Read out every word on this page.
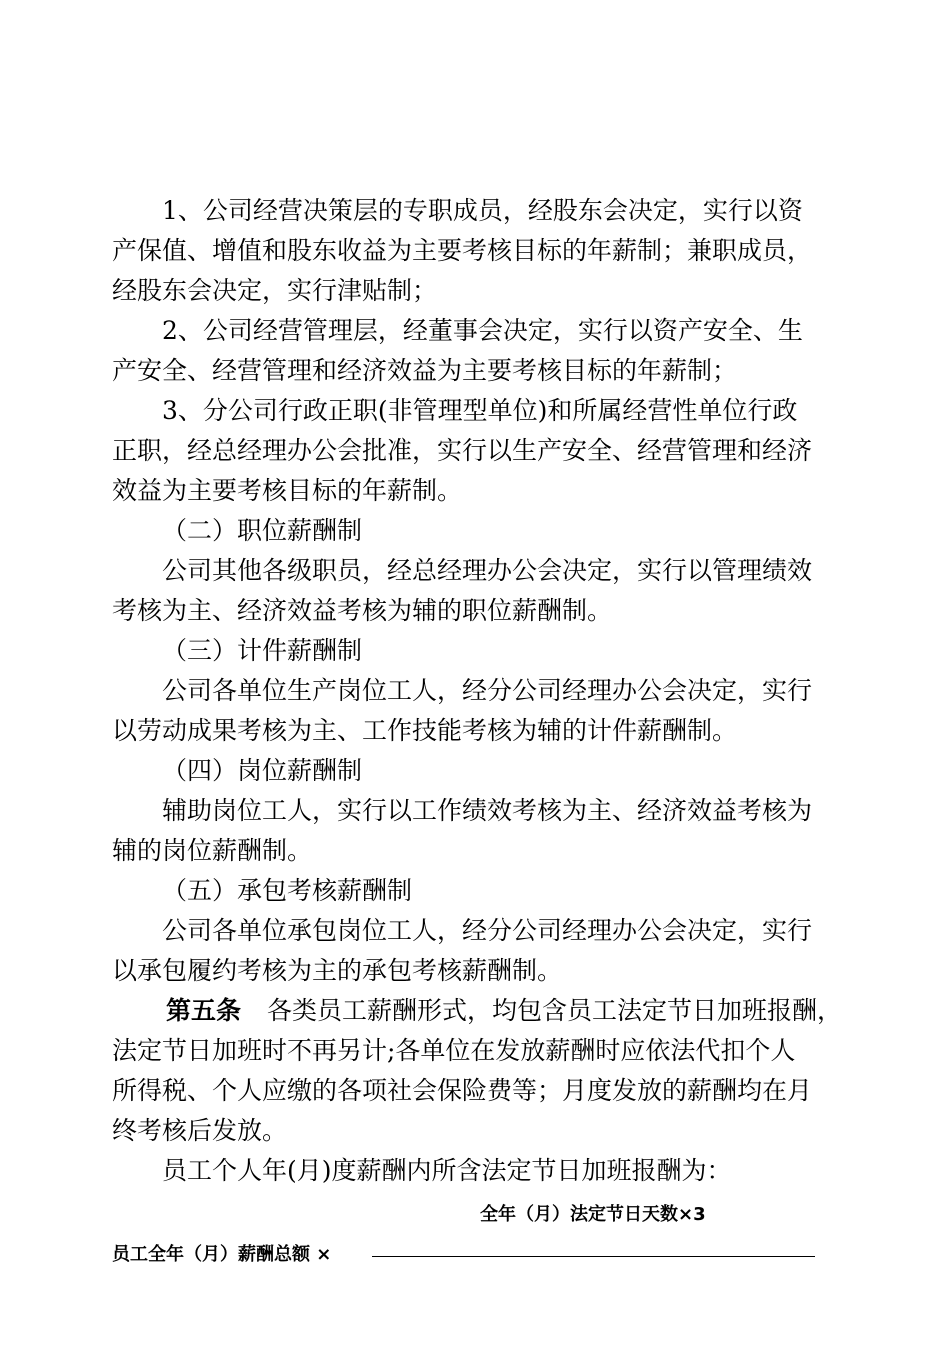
1、公司经营决策层的专职成员，经股东会决定，实行以资
产保值、增值和股东收益为主要考核目标的年薪制；兼职成员，
经股东会决定，实行津贴制；
2、公司经营管理层，经董事会决定，实行以资产安全、生
产安全、经营管理和经济效益为主要考核目标的年薪制；
3、分公司行政正职(非管理型单位)和所属经营性单位行政
正职，经总经理办公会批准，实行以生产安全、经营管理和经济
效益为主要考核目标的年薪制。
（二）职位薪酬制
公司其他各级职员，经总经理办公会决定，实行以管理绩效
考核为主、经济效益考核为辅的职位薪酬制。
（三）计件薪酬制
公司各单位生产岗位工人，经分公司经理办公会决定，实行
以劳动成果考核为主、工作技能考核为辅的计件薪酬制。
（四）岗位薪酬制
辅助岗位工人，实行以工作绩效考核为主、经济效益考核为
辅的岗位薪酬制。
（五）承包考核薪酬制
公司各单位承包岗位工人，经分公司经理办公会决定，实行
以承包履约考核为主的承包考核薪酬制。
第五条 各类员工薪酬形式，均包含员工法定节日加班报酬，
法定节日加班时不再另计;各单位在发放薪酬时应依法代扣个人
所得税、个人应缴的各项社会保险费等；月度发放的薪酬均在月
终考核后发放。
员工个人年(月)度薪酬内所含法定节日加班报酬为：
全年（月）法定节日天数×3
员工全年（月）薪酬总额 ×
